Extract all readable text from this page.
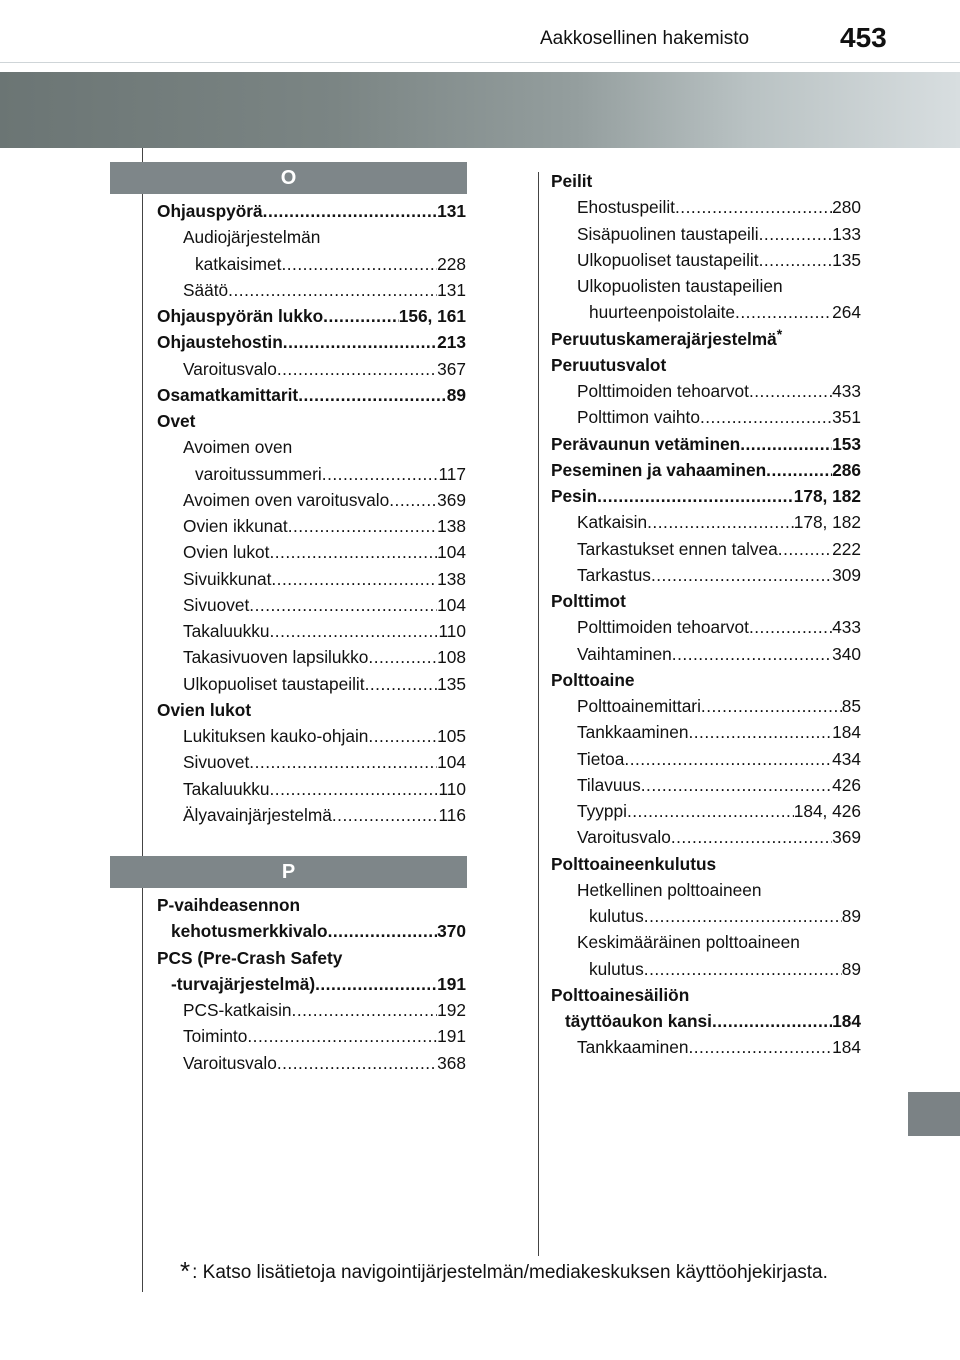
Aakkosellinen hakemisto	453
O
P
Ohjauspyörä .....	131
Audiojärjestelmän
katkaisimet .....	228
Säätö .....	131
Ohjauspyörän lukko .....	156, 161
Ohjaustehostin .....	213
Varoitusvalo .....	367
Osamatkamittarit .....	89
Ovet
Avoimen oven
varoitussummeri .....	117
Avoimen oven varoitusvalo .....	369
Ovien ikkunat .....	138
Ovien lukot .....	104
Sivuikkunat .....	138
Sivuovet .....	104
Takaluukku .....	110
Takasivuoven lapsilukko .....	108
Ulkopuoliset taustapeilit .....	135
Ovien lukot
Lukituksen kauko-ohjain .....	105
Sivuovet .....	104
Takaluukku .....	110
Älyavainjärjestelmä .....	116
P-vaihdeasennon
kehotusmerkkivalo .....	370
PCS (Pre-Crash Safety
-turvajärjestelmä) .....	191
PCS-katkaisin .....	192
Toiminto .....	191
Varoitusvalo .....	368
Peilit
Ehostuspeilit .....	280
Sisäpuolinen taustapeili .....	133
Ulkopuoliset taustapeilit .....	135
Ulkopuolisten taustapeilien
huurteenpoistolaite .....	264
Peruutuskamerajärjestelmä*
Peruutusvalot
Polttimoiden tehoarvot .....	433
Polttimon vaihto .....	351
Perävaunun vetäminen .....	153
Peseminen ja vahaaminen .....	286
Pesin .....	178, 182
Katkaisin .....	178, 182
Tarkastukset ennen talvea .....	222
Tarkastus .....	309
Polttimot
Polttimoiden tehoarvot .....	433
Vaihtaminen .....	340
Polttoaine
Polttoainemittari .....	85
Tankkaaminen .....	184
Tietoa .....	434
Tilavuus .....	426
Tyyppi .....	184, 426
Varoitusvalo .....	369
Polttoaineenkulutus
Hetkellinen polttoaineen
kulutus .....	89
Keskimääräinen polttoaineen
kulutus .....	89
Polttoainesäiliön
täyttöaukon kansi .....	184
Tankkaaminen .....	184
* : Katso lisätietoja navigointijärjestelmän/mediakeskuksen käyttöohjekirjasta.
